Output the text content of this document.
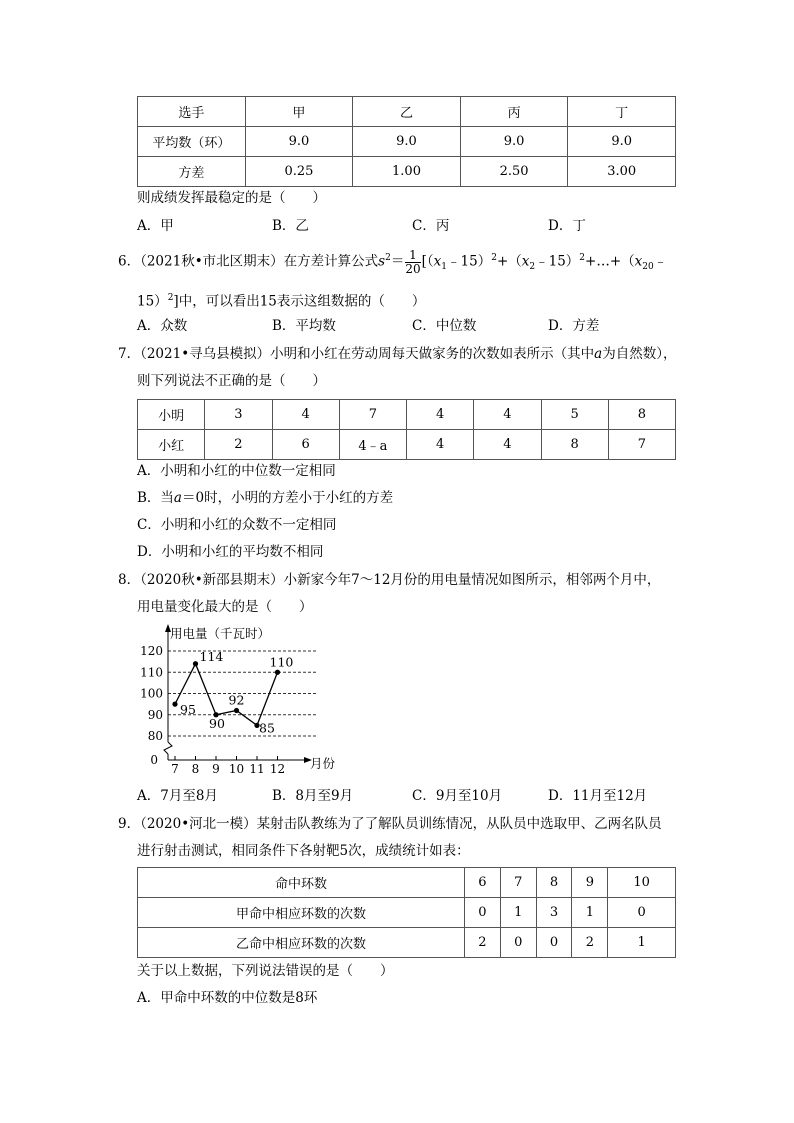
选手	甲	乙	丙	丁
平均数（环）	9.0	9.0	9.0	9.0
方差	0.25	1.00	2.50	3.00
则成绩发挥最稳定的是（　　）
A．甲	B．乙	C．丙	D．丁
6．（2021秋•市北区期末）在方差计算公式$s^2= \frac{1}{20}$ [$(x_1﹣15)^2+(x_2﹣15)^2+\dots+(x_{20}﹣$
15）$^2$]中，可以看出15表示这组数据的（　　）
A．众数	B．平均数	C．中位数	D．方差
7．（2021•寻乌县模拟）小明和小红在劳动周每天做家务的次数如表所示（其中a为自然数），
则下列说法不正确的是（　　）
小明	3	4	7	4	4	5	8
小红	2	6	4﹣a	4	4	8	7
A．小明和小红的中位数一定相同
B．当a＝0时，小明的方差小于小红的方差
C．小明和小红的众数不一定相同
D．小明和小红的平均数不相同
8．（2020秋•新邵县期末）小新家今年7～12月份的用电量情况如图所示，相邻两个月中，
用电量变化最大的是（　　）
80
90
100
110
120
用电量（千瓦时）
月份
0
7 8 9 10 11 12
95
114
90
92
85
110
A．7月至8月	B．8月至9月	C．9月至10月	D．11月至12月
9．（2020•河北一模）某射击队教练为了了解队员训练情况，从队员中选取甲、乙两名队员
进行射击测试，相同条件下各射靶5次，成绩统计如表：
命中环数	6	7	8	9	10
甲命中相应环数的次数	0	1	3	1	0
乙命中相应环数的次数	2	0	0	2	1
关于以上数据，下列说法错误的是（　　）
A．甲命中环数的中位数是8环
